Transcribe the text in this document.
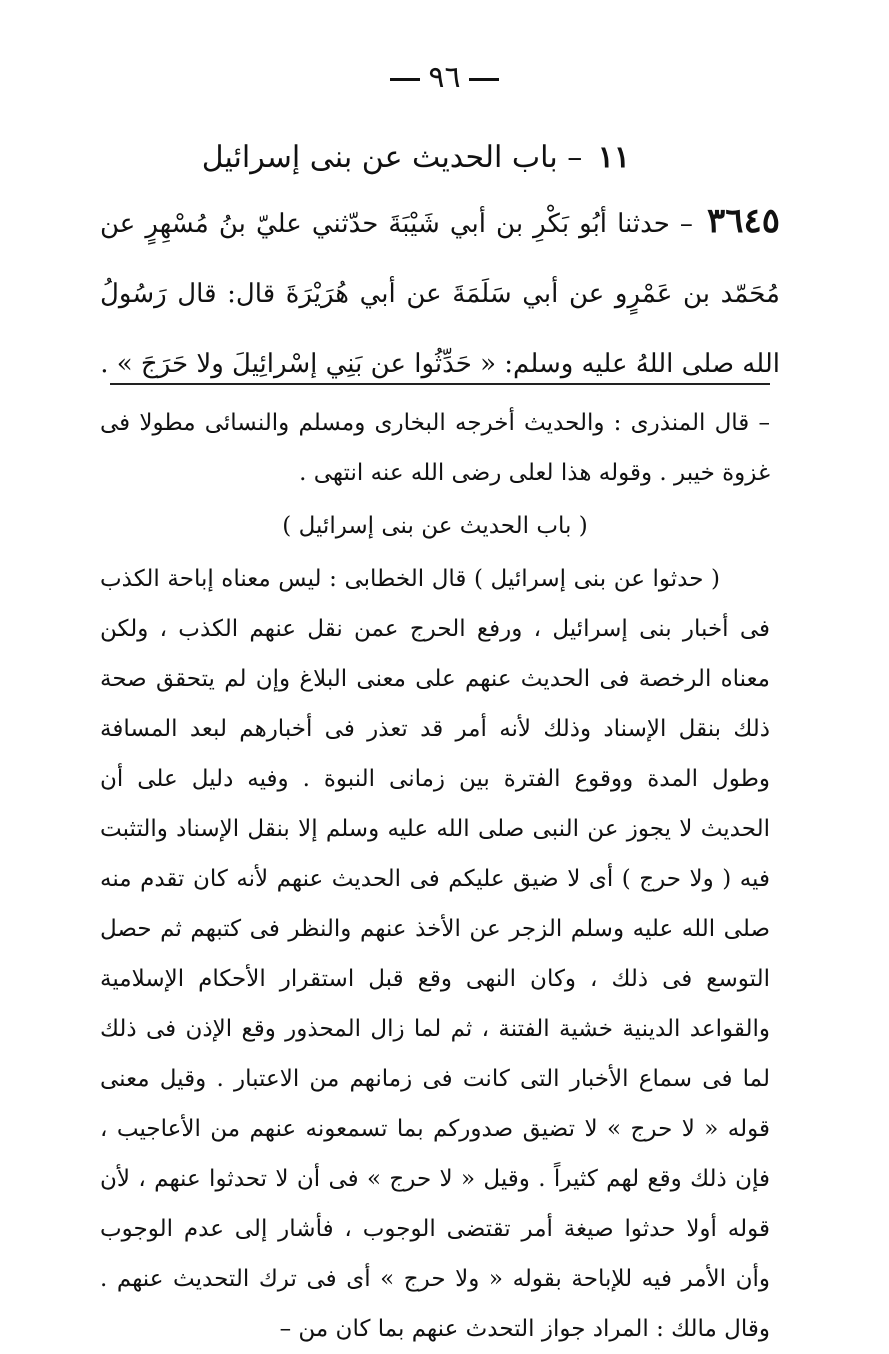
٩٦
١١ – باب الحديث عن بنى إسرائيل
٣٦٤٥ – حدثنا أبُو بَكْرِ بن أبي شَيْبَةَ حدّثني عليّ بنُ مُسْهِرٍ عن مُحَمّد بن عَمْرٍو عن أبي سَلَمَةَ عن أبي هُرَيْرَةَ قال: قال رَسُولُ الله صلى اللهُ عليه وسلم: « حَدِّثُوا عن بَنِي إسْرائِيلَ ولا حَرَجَ » .

– قال المنذرى : والحديث أخرجه البخارى ومسلم والنسائى مطولا فى غزوة خيبر . وقوله هذا لعلى رضى الله عنه انتهى .

( باب الحديث عن بنى إسرائيل )

( حدثوا عن بنى إسرائيل ) قال الخطابى : ليس معناه إباحة الكذب فى أخبار بنى إسرائيل ، ورفع الحرج عمن نقل عنهم الكذب ، ولكن معناه الرخصة فى الحديث عنهم على معنى البلاغ وإن لم يتحقق صحة ذلك بنقل الإسناد وذلك لأنه أمر قد تعذر فى أخبارهم لبعد المسافة وطول المدة ووقوع الفترة بين زمانى النبوة . وفيه دليل على أن الحديث لا يجوز عن النبى صلى الله عليه وسلم إلا بنقل الإسناد والتثبت فيه ( ولا حرج ) أى لا ضيق عليكم فى الحديث عنهم لأنه كان تقدم منه صلى الله عليه وسلم الزجر عن الأخذ عنهم والنظر فى كتبهم ثم حصل التوسع فى ذلك ، وكان النهى وقع قبل استقرار الأحكام الإسلامية والقواعد الدينية خشية الفتنة ، ثم لما زال المحذور وقع الإذن فى ذلك لما فى سماع الأخبار التى كانت فى زمانهم من الاعتبار . وقيل معنى قوله « لا حرج » لا تضيق صدوركم بما تسمعونه عنهم من الأعاجيب ، فإن ذلك وقع لهم كثيراً . وقيل « لا حرج » فى أن لا تحدثوا عنهم ، لأن قوله أولا حدثوا صيغة أمر تقتضى الوجوب ، فأشار إلى عدم الوجوب وأن الأمر فيه للإباحة بقوله « ولا حرج » أى فى ترك التحديث عنهم . وقال مالك : المراد جواز التحدث عنهم بما كان من –
